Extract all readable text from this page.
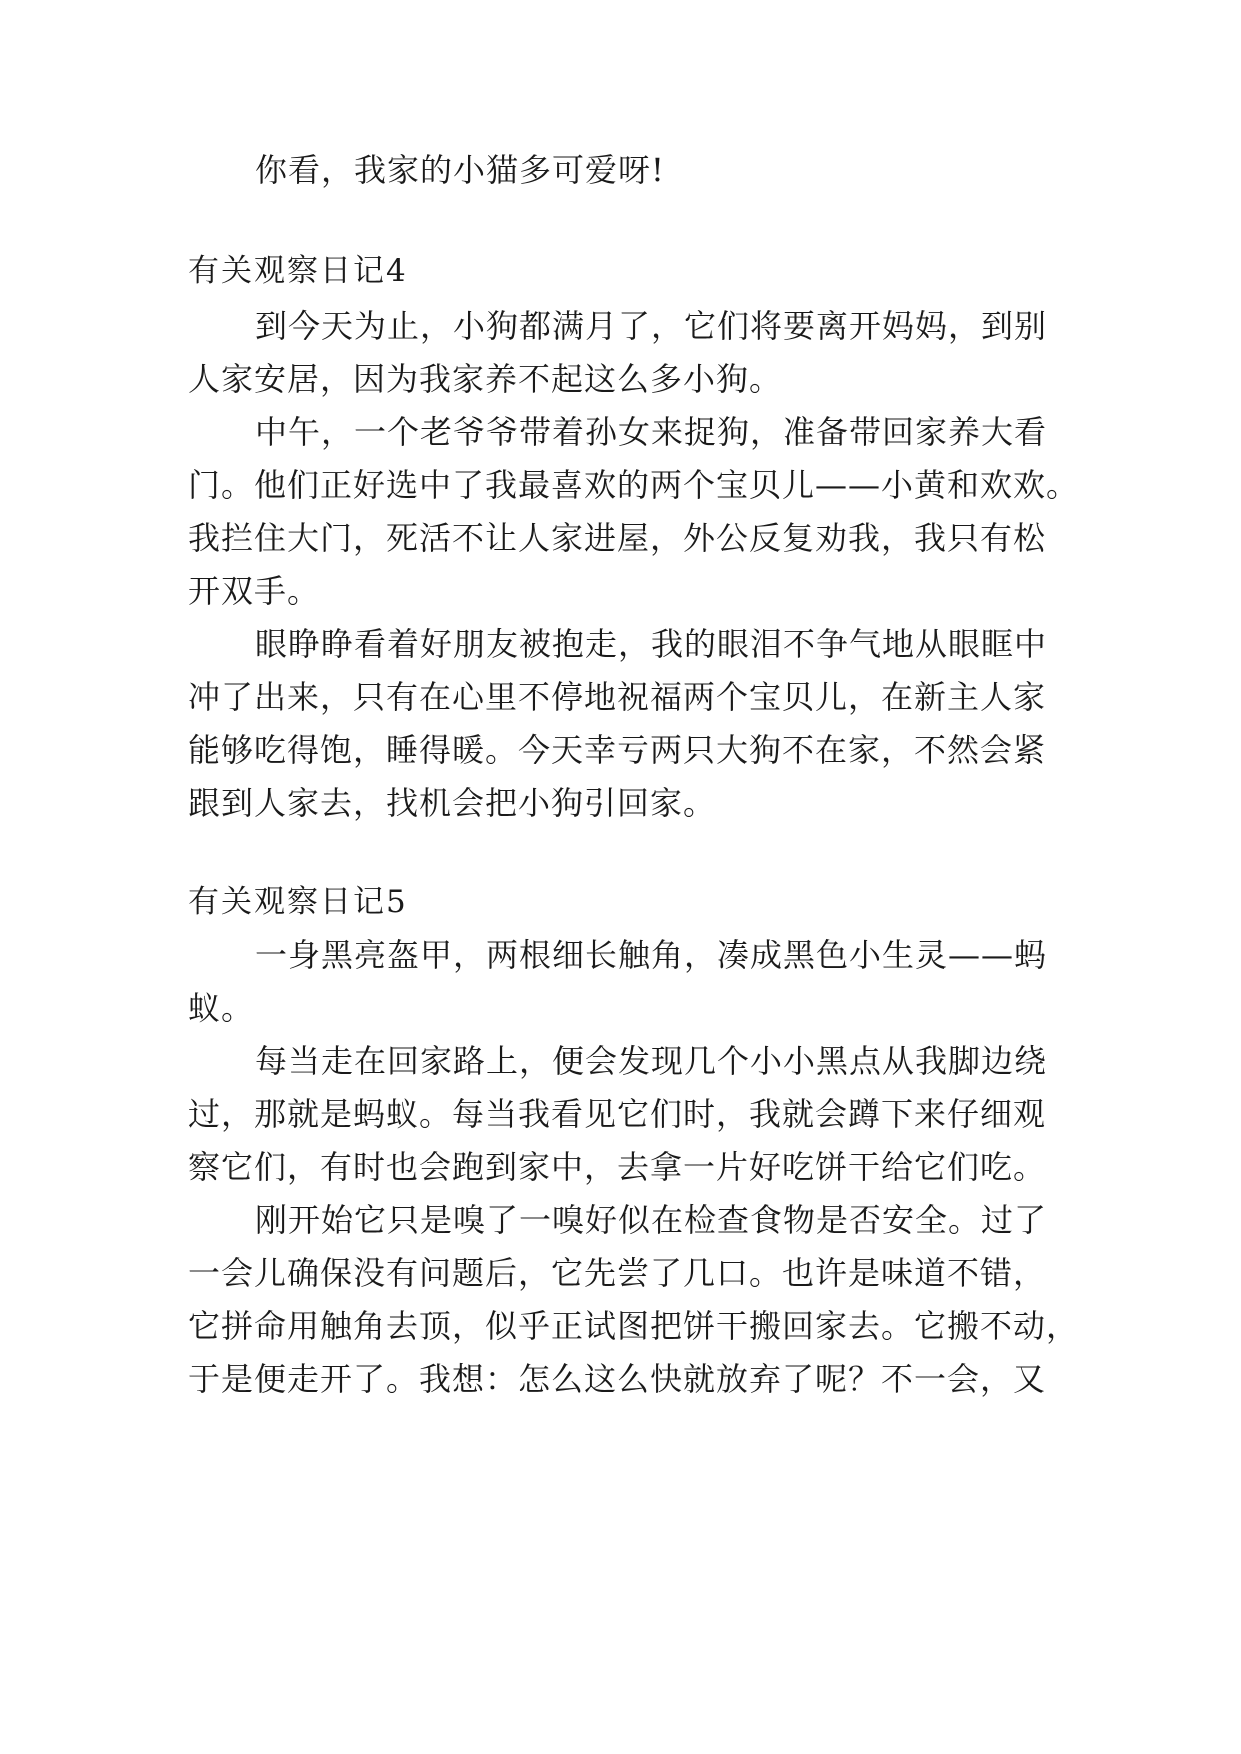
你看，我家的小猫多可爱呀!
有关观察日记4
到今天为止，小狗都满月了，它们将要离开妈妈，到别
人家安居，因为我家养不起这么多小狗。
中午，一个老爷爷带着孙女来捉狗，准备带回家养大看
门。他们正好选中了我最喜欢的两个宝贝儿——小黄和欢欢。
我拦住大门，死活不让人家进屋，外公反复劝我，我只有松
开双手。
眼睁睁看着好朋友被抱走，我的眼泪不争气地从眼眶中
冲了出来，只有在心里不停地祝福两个宝贝儿，在新主人家
能够吃得饱，睡得暖。今天幸亏两只大狗不在家，不然会紧
跟到人家去，找机会把小狗引回家。
有关观察日记5
一身黑亮盔甲，两根细长触角，凑成黑色小生灵——蚂
蚁。
每当走在回家路上，便会发现几个小小黑点从我脚边绕
过，那就是蚂蚁。每当我看见它们时，我就会蹲下来仔细观
察它们，有时也会跑到家中，去拿一片好吃饼干给它们吃。
刚开始它只是嗅了一嗅好似在检查食物是否安全。过了
一会儿确保没有问题后，它先尝了几口。也许是味道不错，
它拼命用触角去顶，似乎正试图把饼干搬回家去。它搬不动，
于是便走开了。我想：怎么这么快就放弃了呢？不一会，又
